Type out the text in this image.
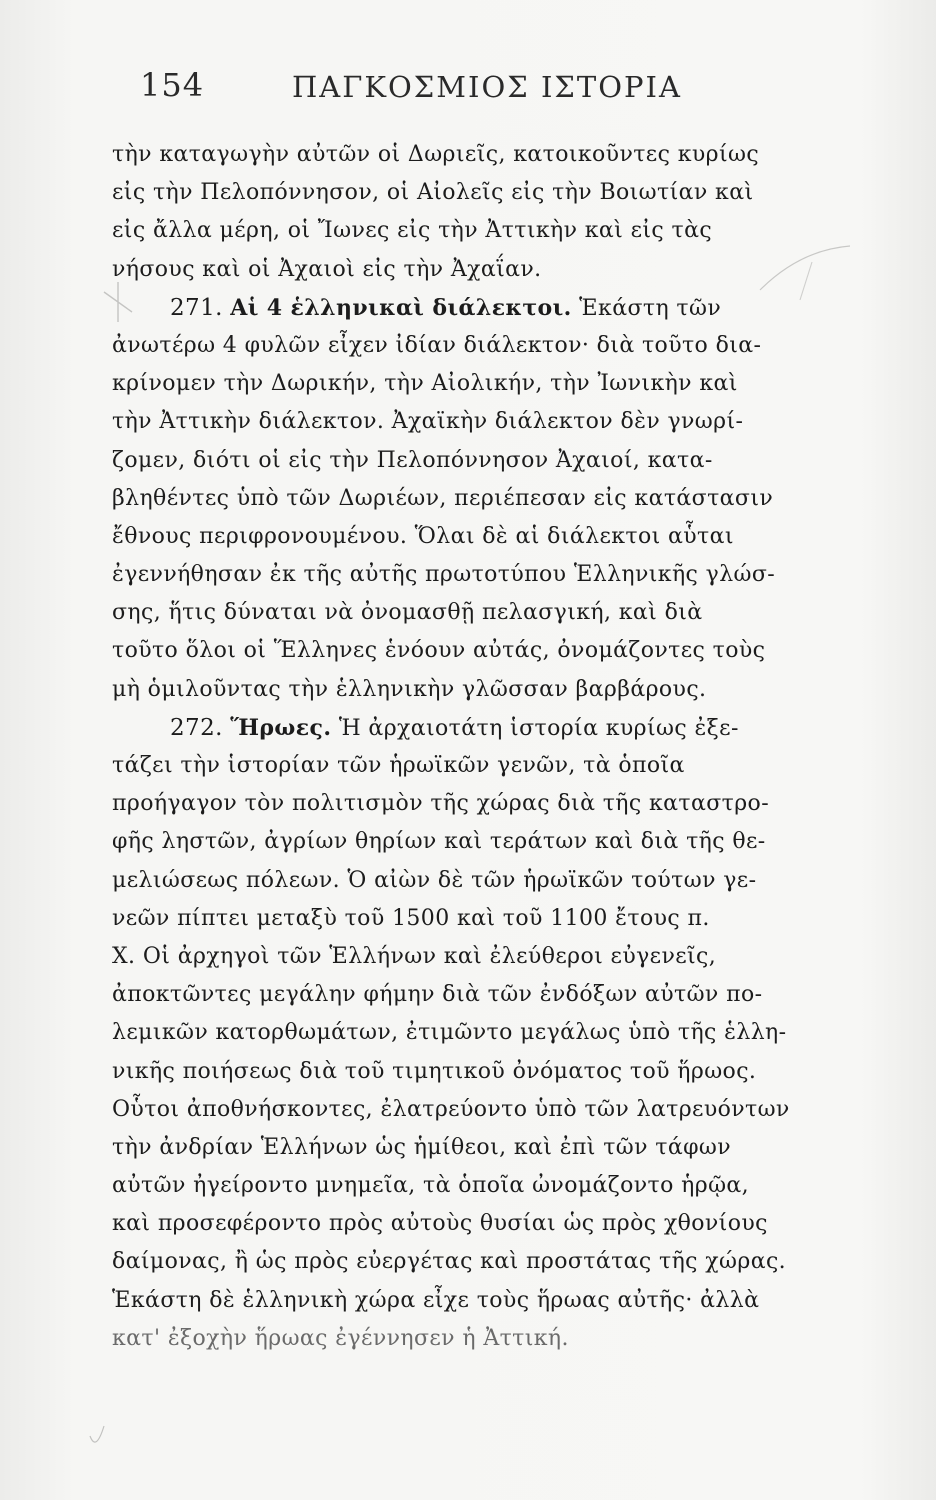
154	ΠΑΓΚΟΣΜΙΟΣ ΙΣΤΟΡΙΑ
τὴν καταγωγὴν αὐτῶν οἱ Δωριεῖς, κατοικοῦντες κυρίως
εἰς τὴν Πελοπόννησον, οἱ Αἰολεῖς εἰς τὴν Βοιωτίαν καὶ
εἰς ἄλλα μέρη, οἱ Ἴωνες εἰς τὴν Ἀττικὴν καὶ εἰς τὰς
νήσους καὶ οἱ Ἀχαιοὶ εἰς τὴν Ἀχαΐαν.
271. Αἱ 4 ἑλληνικαὶ διάλεκτοι. Ἑκάστη τῶν
ἀνωτέρω 4 φυλῶν εἶχεν ἰδίαν διάλεκτον· διὰ τοῦτο δια-
κρίνομεν τὴν Δωρικήν, τὴν Αἰολικήν, τὴν Ἰωνικὴν καὶ
τὴν Ἀττικὴν διάλεκτον. Ἀχαϊκὴν διάλεκτον δὲν γνωρί-
ζομεν, διότι οἱ εἰς τὴν Πελοπόννησον Ἀχαιοί, κατα-
βληθέντες ὑπὸ τῶν Δωριέων, περιέπεσαν εἰς κατάστασιν
ἔθνους περιφρονουμένου. Ὅλαι δὲ αἱ διάλεκτοι αὗται
ἐγεννήθησαν ἐκ τῆς αὐτῆς πρωτοτύπου Ἑλληνικῆς γλώσ-
σης, ἥτις δύναται νὰ ὀνομασθῇ πελασγική, καὶ διὰ
τοῦτο ὅλοι οἱ Ἕλληνες ἑνόουν αὐτάς, ὀνομάζοντες τοὺς
μὴ ὁμιλοῦντας τὴν ἑλληνικὴν γλῶσσαν βαρβάρους.
272. Ἥρωες. Ἡ ἀρχαιοτάτη ἱστορία κυρίως ἐξε-
τάζει τὴν ἱστορίαν τῶν ἡρωϊκῶν γενῶν, τὰ ὁποῖα
προήγαγον τὸν πολιτισμὸν τῆς χώρας διὰ τῆς καταστρο-
φῆς ληστῶν, ἀγρίων θηρίων καὶ τεράτων καὶ διὰ τῆς θε-
μελιώσεως πόλεων. Ὁ αἰὼν δὲ τῶν ἡρωϊκῶν τούτων γε-
νεῶν πίπτει μεταξὺ τοῦ 1500 καὶ τοῦ 1100 ἔτους π.
Χ. Οἱ ἀρχηγοὶ τῶν Ἑλλήνων καὶ ἐλεύθεροι εὐγενεῖς,
ἀποκτῶντες μεγάλην φήμην διὰ τῶν ἐνδόξων αὐτῶν πο-
λεμικῶν κατορθωμάτων, ἐτιμῶντο μεγάλως ὑπὸ τῆς ἑλλη-
νικῆς ποιήσεως διὰ τοῦ τιμητικοῦ ὀνόματος τοῦ ἥρωος.
Οὗτοι ἀποθνήσκοντες, ἐλατρεύοντο ὑπὸ τῶν λατρευόντων
τὴν ἀνδρίαν Ἑλλήνων ὡς ἡμίθεοι, καὶ ἐπὶ τῶν τάφων
αὐτῶν ἠγείροντο μνημεῖα, τὰ ὁποῖα ὠνομάζοντο ἡρῷα,
καὶ προσεφέροντο πρὸς αὐτοὺς θυσίαι ὡς πρὸς χθονίους
δαίμονας, ἢ ὡς πρὸς εὐεργέτας καὶ προστάτας τῆς χώρας.
Ἑκάστη δὲ ἑλληνικὴ χώρα εἶχε τοὺς ἥρωας αὐτῆς· ἀλλὰ
κατ' ἐξοχὴν ἥρωας ἐγέννησεν ἡ Ἀττική.
